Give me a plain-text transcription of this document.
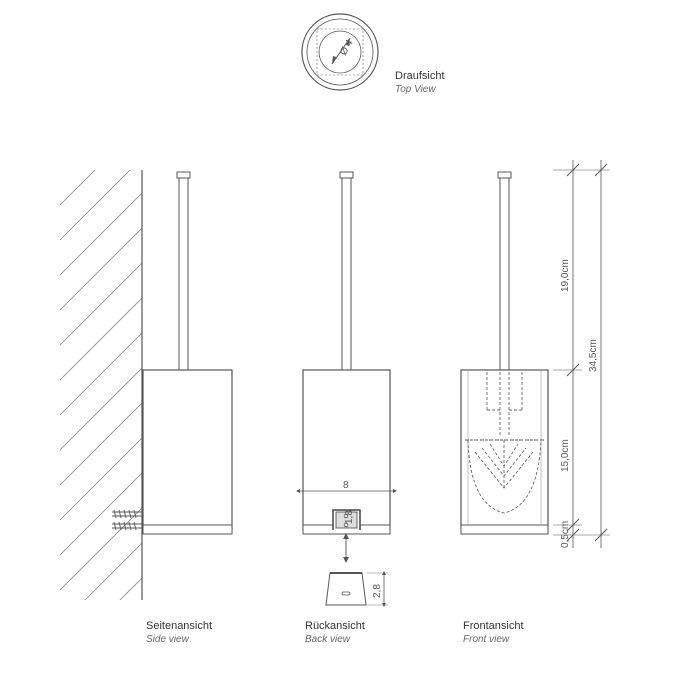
Ø 4
8
1,8
2,8
19,0cm
34,5cm
15,0cm
0,5cm
Draufsicht
Top View
Seitenansicht
Side view
Rückansicht
Back view
Frontansicht
Front view
